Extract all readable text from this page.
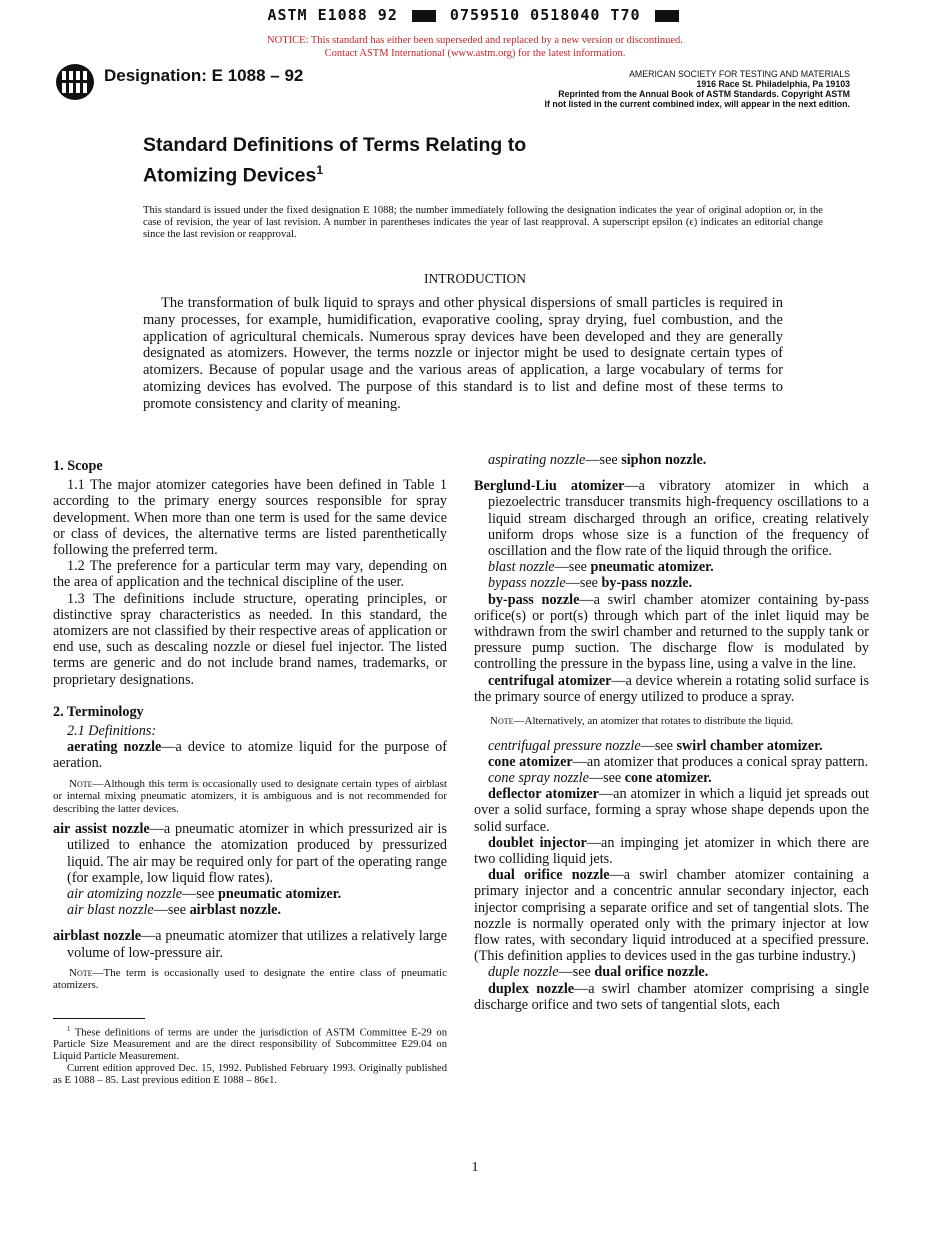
ASTM E1088 92	0759510 0518040 T70
NOTICE: This standard has either been superseded and replaced by a new version or discontinued.
Contact ASTM International (www.astm.org) for the latest information.
Designation: E 1088 – 92	AMERICAN SOCIETY FOR TESTING AND MATERIALS
1916 Race St. Philadelphia, Pa 19103
Reprinted from the Annual Book of ASTM Standards. Copyright ASTM
If not listed in the current combined index, will appear in the next edition.
Standard Definitions of Terms Relating to
Atomizing Devices$^1$
This standard is issued under the fixed designation E 1088; the number immediately following the designation indicates the year of original adoption or, in the case of revision, the year of last revision. A number in parentheses indicates the year of last reapproval. A superscript epsilon (ϵ) indicates an editorial change since the last revision or reapproval.
INTRODUCTION
The transformation of bulk liquid to sprays and other physical dispersions of small particles is required in many processes, for example, humidification, evaporative cooling, spray drying, fuel combustion, and the application of agricultural chemicals. Numerous spray devices have been developed and they are generally designated as atomizers. However, the terms nozzle or injector might be used to designate certain types of atomizers. Because of popular usage and the various areas of application, a large vocabulary of terms for atomizing devices has evolved. The purpose of this standard is to list and define most of these terms to promote consistency and clarity of meaning.

1. Scope

1.1 The major atomizer categories have been defined in Table 1 according to the primary energy sources responsible for spray development. When more than one term is used for the same device or class of devices, the alternative terms are listed parenthetically following the preferred term.

1.2 The preference for a particular term may vary, depending on the area of application and the technical discipline of the user.

1.3 The definitions include structure, operating principles, or distinctive spray characteristics as needed. In this standard, the atomizers are not classified by their respective areas of application or end use, such as descaling nozzle or diesel fuel injector. The listed terms are generic and do not include brand names, trademarks, or proprietary designations.

2. Terminology

2.1 Definitions:

aerating nozzle—a device to atomize liquid for the purpose of aeration.

Note—Although this term is occasionally used to designate certain types of airblast or internal mixing pneumatic atomizers, it is ambiguous and is not recommended for describing the latter devices.

air assist nozzle—a pneumatic atomizer in which pressurized air is utilized to enhance the atomization produced by pressurized liquid. The air may be required only for part of the operating range (for example, low liquid flow rates).

air atomizing nozzle—see pneumatic atomizer.

air blast nozzle—see airblast nozzle.

airblast nozzle—a pneumatic atomizer that utilizes a relatively large volume of low-pressure air.

Note—The term is occasionally used to designate the entire class of pneumatic atomizers.

$^1$ These definitions of terms are under the jurisdiction of ASTM Committee E-29 on Particle Size Measurement and are the direct responsibility of Subcommittee E29.04 on Liquid Particle Measurement.

Current edition approved Dec. 15, 1992. Published February 1993. Originally published as E 1088 – 85. Last previous edition E 1088 – 86ϵ1.

aspirating nozzle—see siphon nozzle.

Berglund-Liu atomizer—a vibratory atomizer in which a piezoelectric transducer transmits high-frequency oscillations to a liquid stream discharged through an orifice, creating relatively uniform drops whose size is a function of the frequency of oscillation and the flow rate of the liquid through the orifice.

blast nozzle—see pneumatic atomizer.

bypass nozzle—see by-pass nozzle.

by-pass nozzle—a swirl chamber atomizer containing by-pass orifice(s) or port(s) through which part of the inlet liquid may be withdrawn from the swirl chamber and returned to the supply tank or pressure pump suction. The discharge flow is modulated by controlling the pressure in the bypass line, using a valve in the line.

centrifugal atomizer—a device wherein a rotating solid surface is the primary source of energy utilized to produce a spray.

Note—Alternatively, an atomizer that rotates to distribute the liquid.

centrifugal pressure nozzle—see swirl chamber atomizer.

cone atomizer—an atomizer that produces a conical spray pattern.

cone spray nozzle—see cone atomizer.

deflector atomizer—an atomizer in which a liquid jet spreads out over a solid surface, forming a spray whose shape depends upon the solid surface.

doublet injector—an impinging jet atomizer in which there are two colliding liquid jets.

dual orifice nozzle—a swirl chamber atomizer containing a primary injector and a concentric annular secondary injector, each injector comprising a separate orifice and set of tangential slots. The nozzle is normally operated only with the primary injector at low flow rates, with secondary liquid introduced at a specified pressure. (This definition applies to devices used in the gas turbine industry.)

duple nozzle—see dual orifice nozzle.

duplex nozzle—a swirl chamber atomizer comprising a single discharge orifice and two sets of tangential slots, each

1
